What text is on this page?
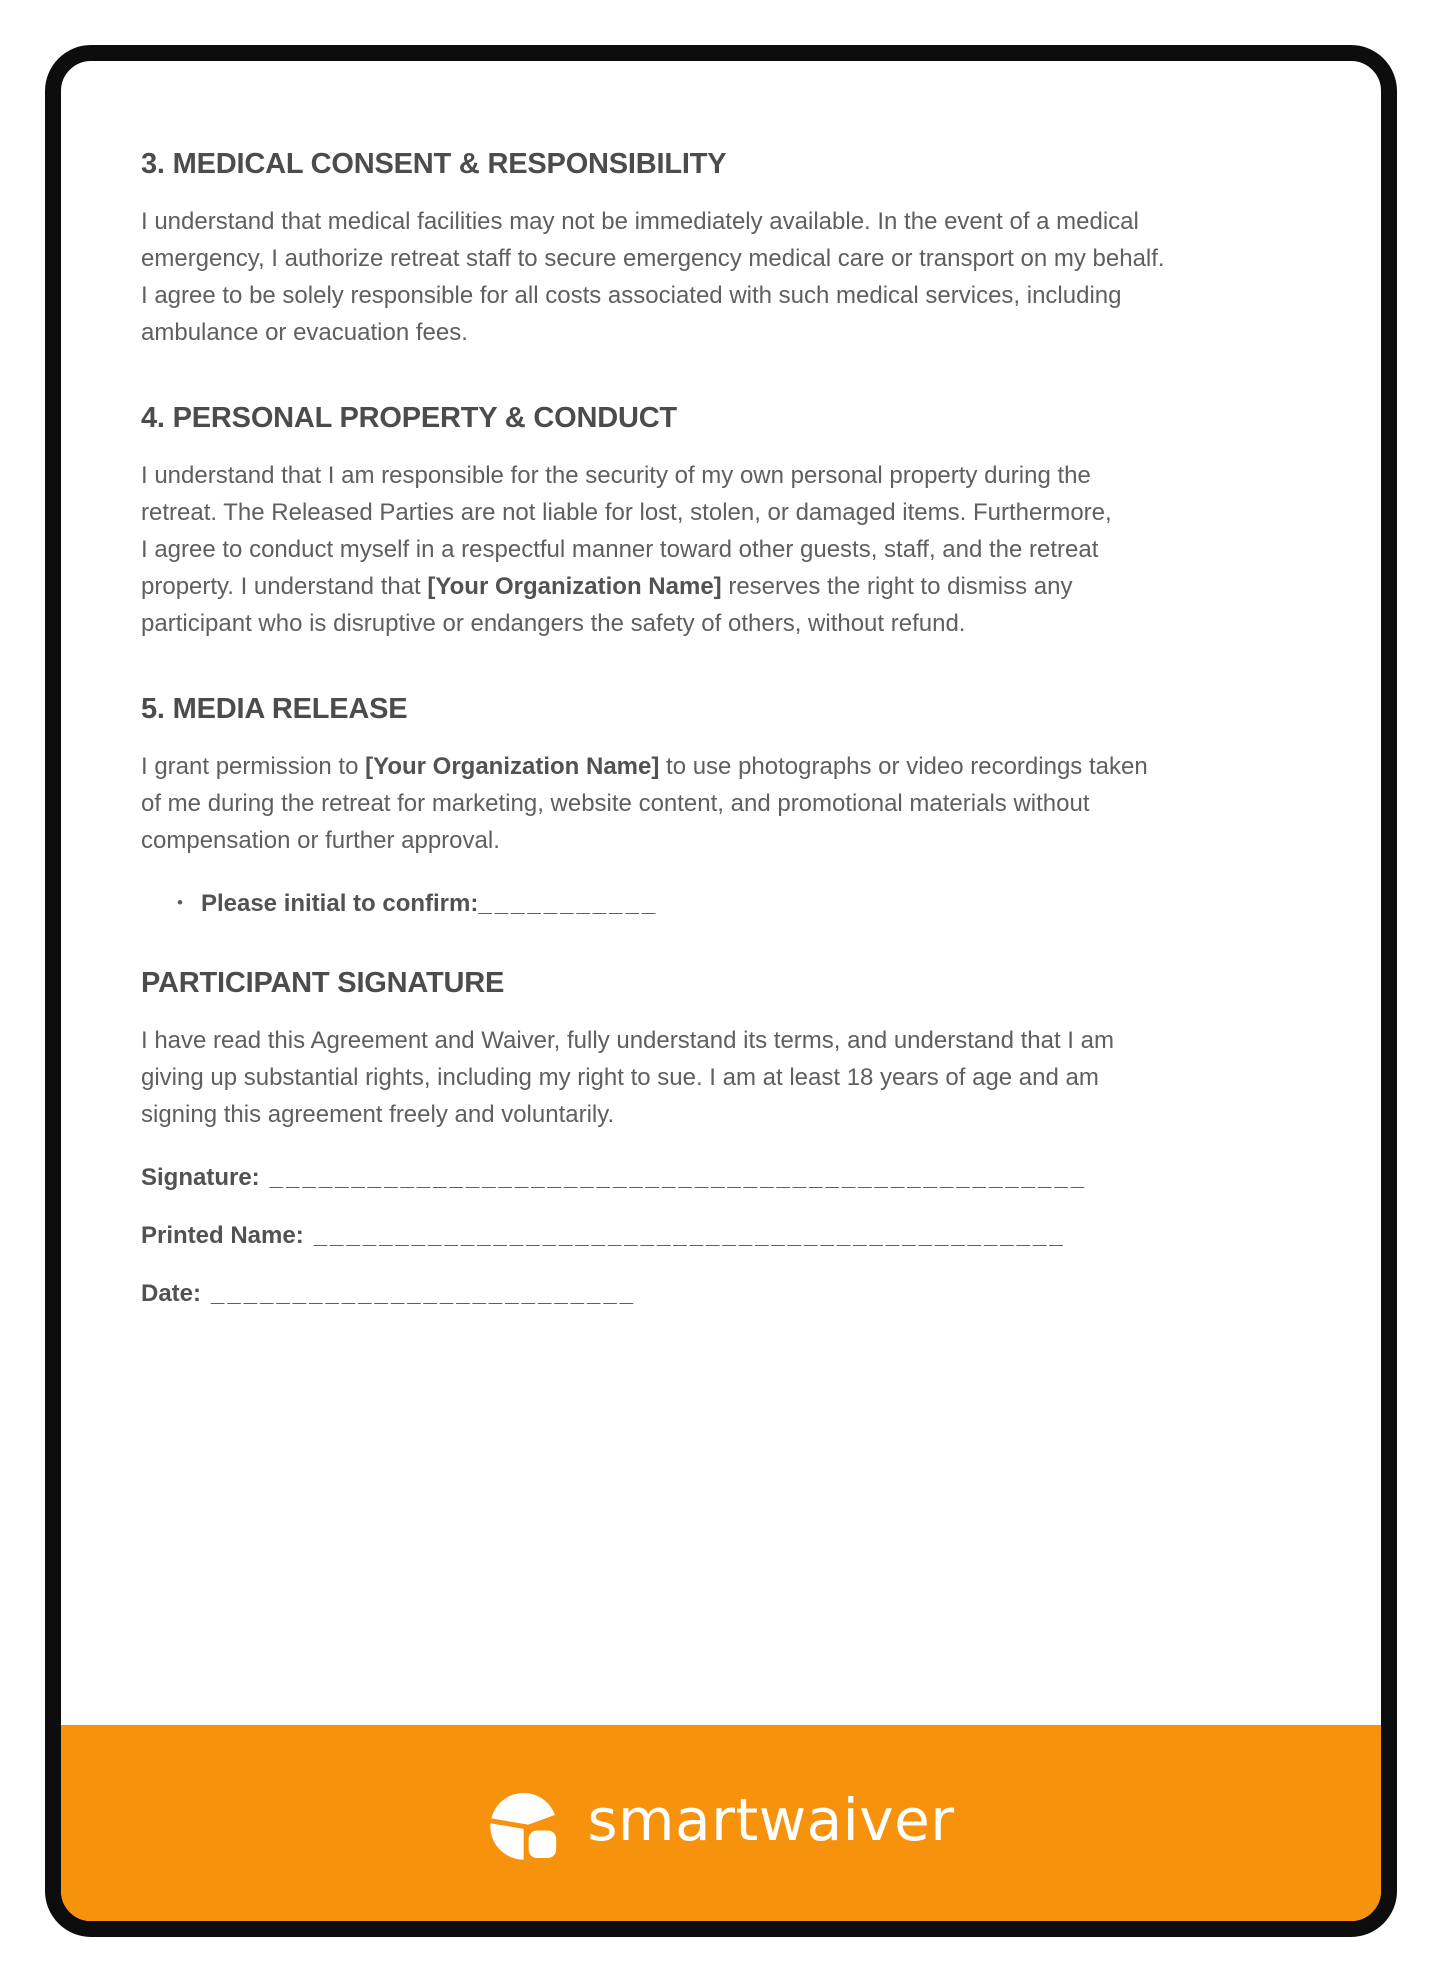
3. MEDICAL CONSENT & RESPONSIBILITY

I understand that medical facilities may not be immediately available. In the event of a medical
emergency, I authorize retreat staff to secure emergency medical care or transport on my behalf.
I agree to be solely responsible for all costs associated with such medical services, including
ambulance or evacuation fees.

4. PERSONAL PROPERTY & CONDUCT

I understand that I am responsible for the security of my own personal property during the
retreat. The Released Parties are not liable for lost, stolen, or damaged items. Furthermore,
I agree to conduct myself in a respectful manner toward other guests, staff, and the retreat
property. I understand that [Your Organization Name] reserves the right to dismiss any
participant who is disruptive or endangers the safety of others, without refund.

5. MEDIA RELEASE

I grant permission to [Your Organization Name] to use photographs or video recordings taken
of me during the retreat for marketing, website content, and promotional materials without
compensation or further approval.

• Please initial to confirm: ___________
PARTICIPANT SIGNATURE

I have read this Agreement and Waiver, fully understand its terms, and understand that I am
giving up substantial rights, including my right to sue. I am at least 18 years of age and am
signing this agreement freely and voluntarily.

Signature: __________________________________________________
Printed Name: ______________________________________________
Date: __________________________
smartwaiver
